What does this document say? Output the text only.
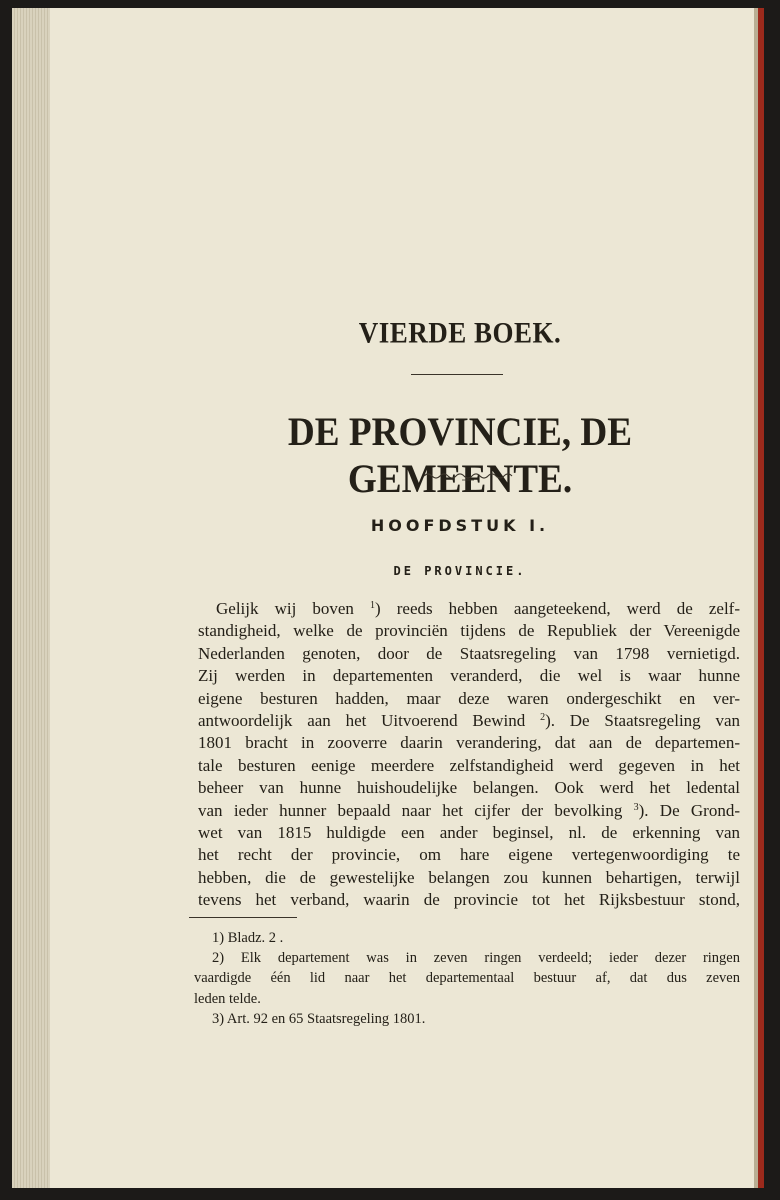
VIERDE BOEK.
DE PROVINCIE, DE GEMEENTE.
HOOFDSTUK I.
DE PROVINCIE.
Gelijk wij boven $^1$) reeds hebben aangeteekend, werd de zelf-
standigheid, welke de provinciën tijdens de Republiek der Vereenigde
Nederlanden genoten, door de Staatsregeling van 1798 vernietigd.
Zij werden in departementen veranderd, die wel is waar hunne
eigene besturen hadden, maar deze waren ondergeschikt en ver-
antwoordelijk aan het Uitvoerend Bewind $^2$). De Staatsregeling van
1801 bracht in zooverre daarin verandering, dat aan de departemen-
tale besturen eenige meerdere zelfstandigheid werd gegeven in het
beheer van hunne huishoudelijke belangen. Ook werd het ledental
van ieder hunner bepaald naar het cijfer der bevolking $^3$). De Grond-
wet van 1815 huldigde een ander beginsel, nl. de erkenning van
het recht der provincie, om hare eigene vertegenwoordiging te
hebben, die de gewestelijke belangen zou kunnen behartigen, terwijl
tevens het verband, waarin de provincie tot het Rijksbestuur stond,
1) Bladz. 2 .
2) Elk departement was in zeven ringen verdeeld; ieder dezer ringen
vaardigde één lid naar het departementaal bestuur af, dat dus zeven
leden telde.
3) Art. 92 en 65 Staatsregeling 1801.
